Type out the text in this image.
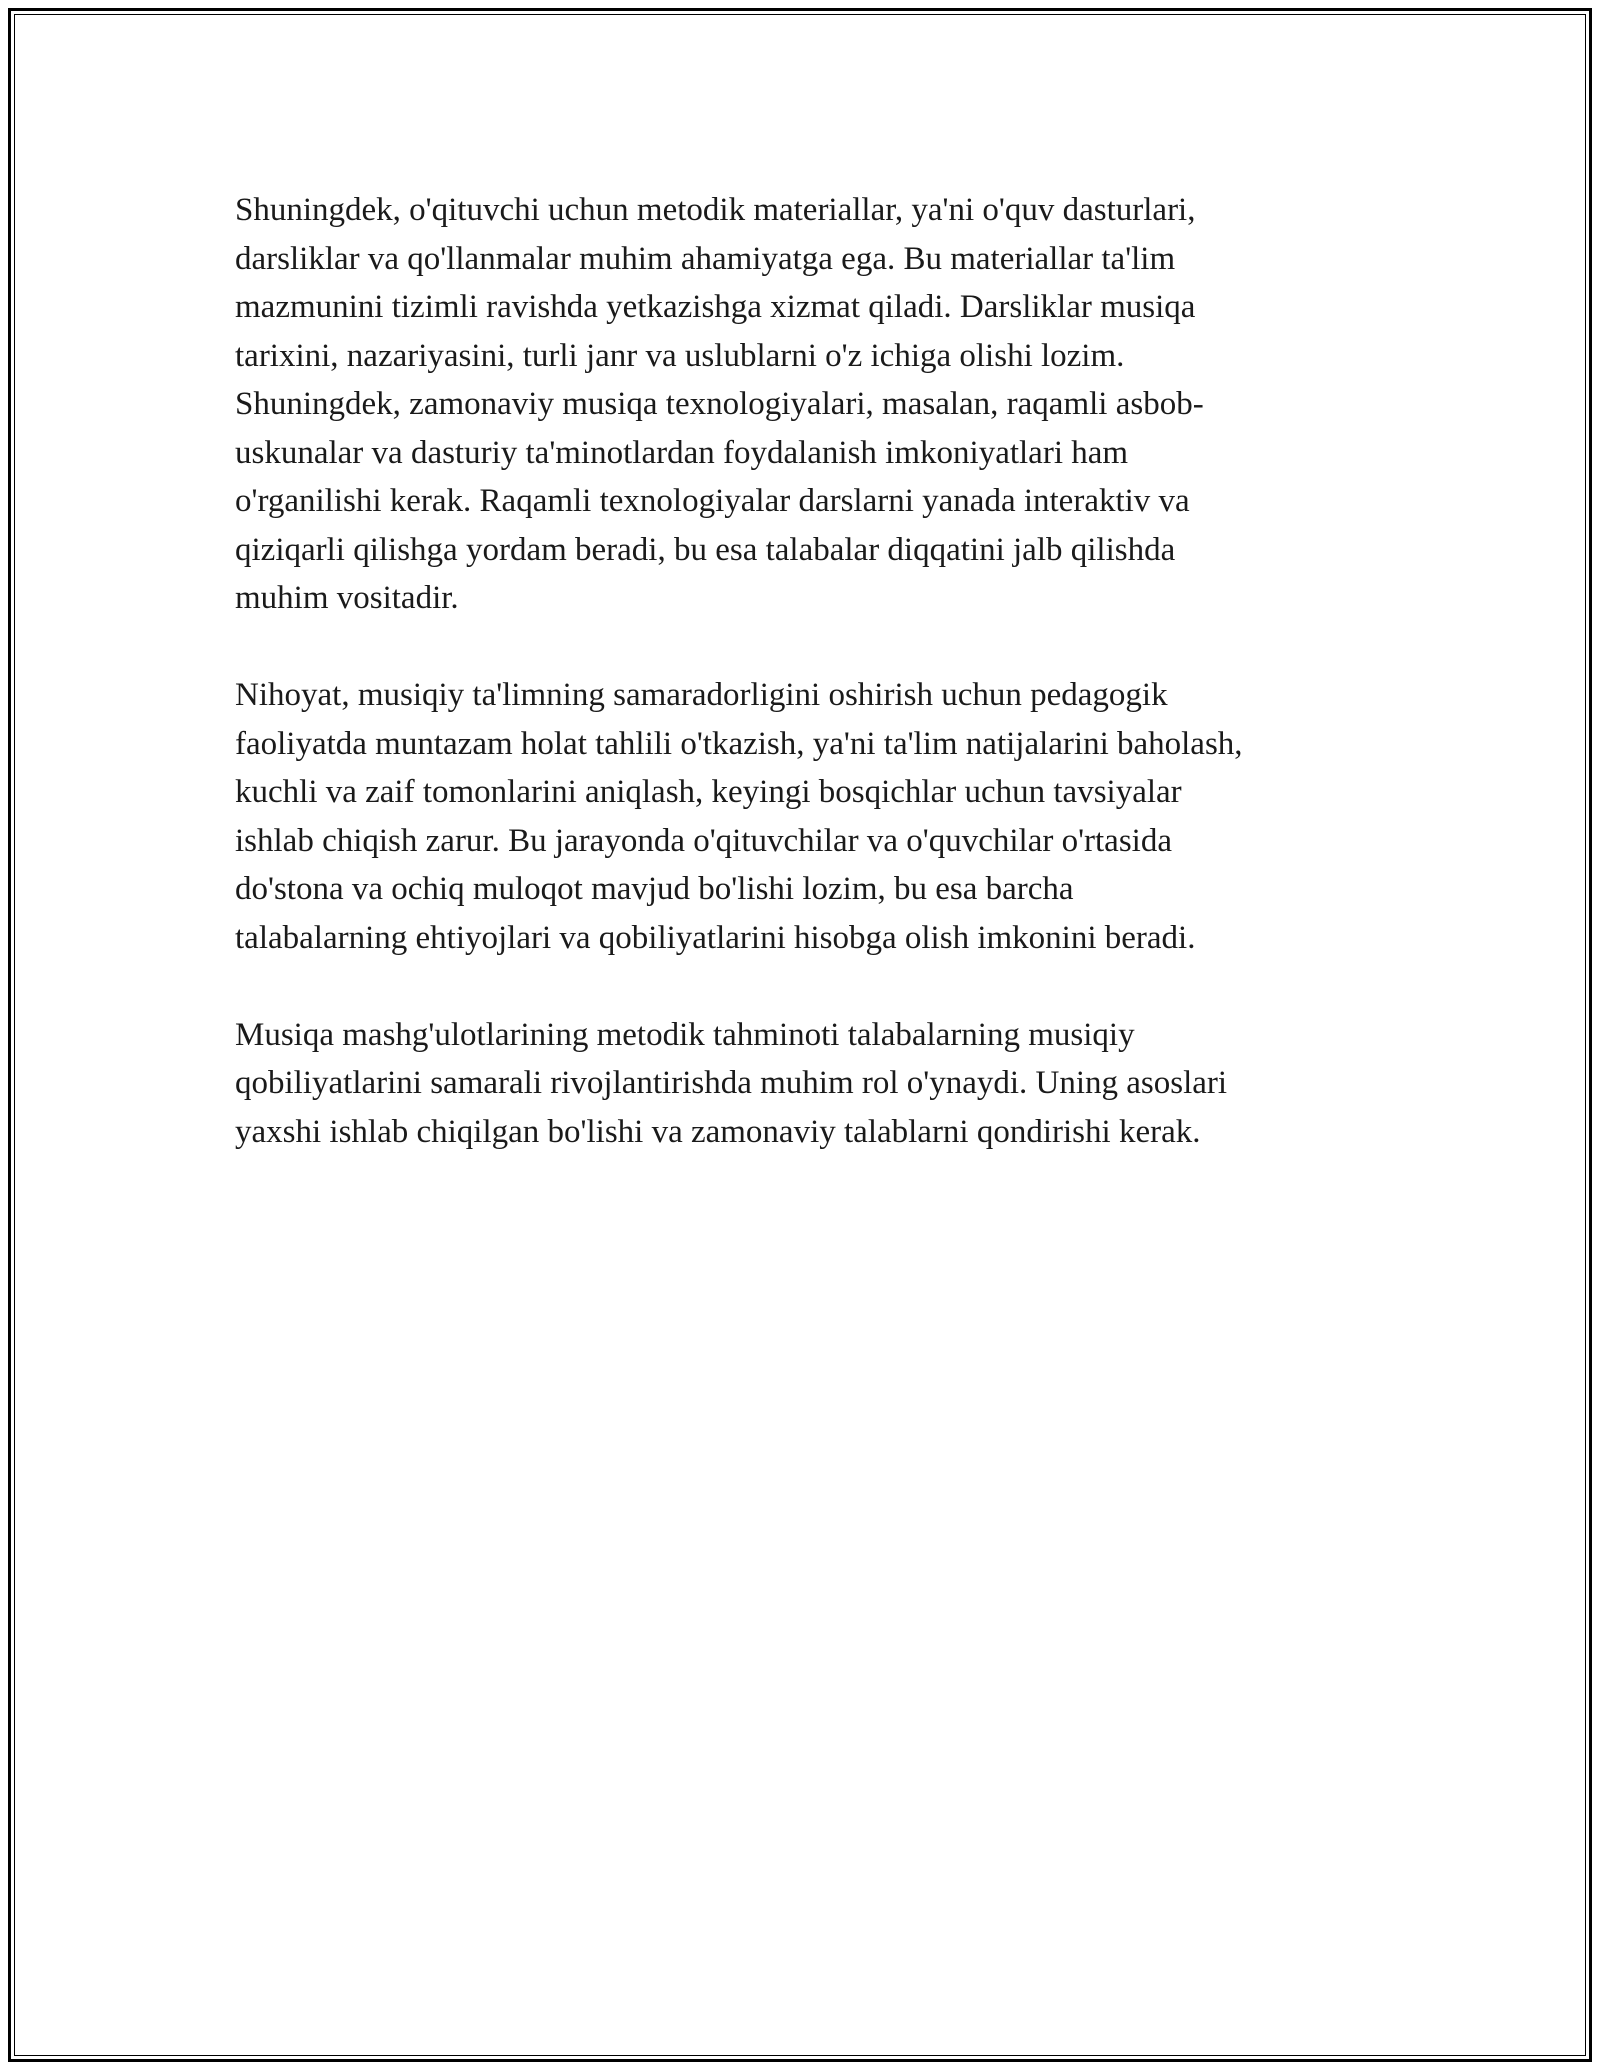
Shuningdek, o'qituvchi uchun metodik materiallar, ya'ni o'quv dasturlari,
darsliklar va qo'llanmalar muhim ahamiyatga ega. Bu materiallar ta'lim
mazmunini tizimli ravishda yetkazishga xizmat qiladi. Darsliklar musiqa
tarixini, nazariyasini, turli janr va uslublarni o'z ichiga olishi lozim.
Shuningdek, zamonaviy musiqa texnologiyalari, masalan, raqamli asbob-
uskunalar va dasturiy ta'minotlardan foydalanish imkoniyatlari ham
o'rganilishi kerak. Raqamli texnologiyalar darslarni yanada interaktiv va
qiziqarli qilishga yordam beradi, bu esa talabalar diqqatini jalb qilishda
muhim vositadir.

Nihoyat, musiqiy ta'limning samaradorligini oshirish uchun pedagogik
faoliyatda muntazam holat tahlili o'tkazish, ya'ni ta'lim natijalarini baholash,
kuchli va zaif tomonlarini aniqlash, keyingi bosqichlar uchun tavsiyalar
ishlab chiqish zarur. Bu jarayonda o'qituvchilar va o'quvchilar o'rtasida
do'stona va ochiq muloqot mavjud bo'lishi lozim, bu esa barcha
talabalarning ehtiyojlari va qobiliyatlarini hisobga olish imkonini beradi.

Musiqa mashg'ulotlarining metodik tahminoti talabalarning musiqiy
qobiliyatlarini samarali rivojlantirishda muhim rol o'ynaydi. Uning asoslari
yaxshi ishlab chiqilgan bo'lishi va zamonaviy talablarni qondirishi kerak.
